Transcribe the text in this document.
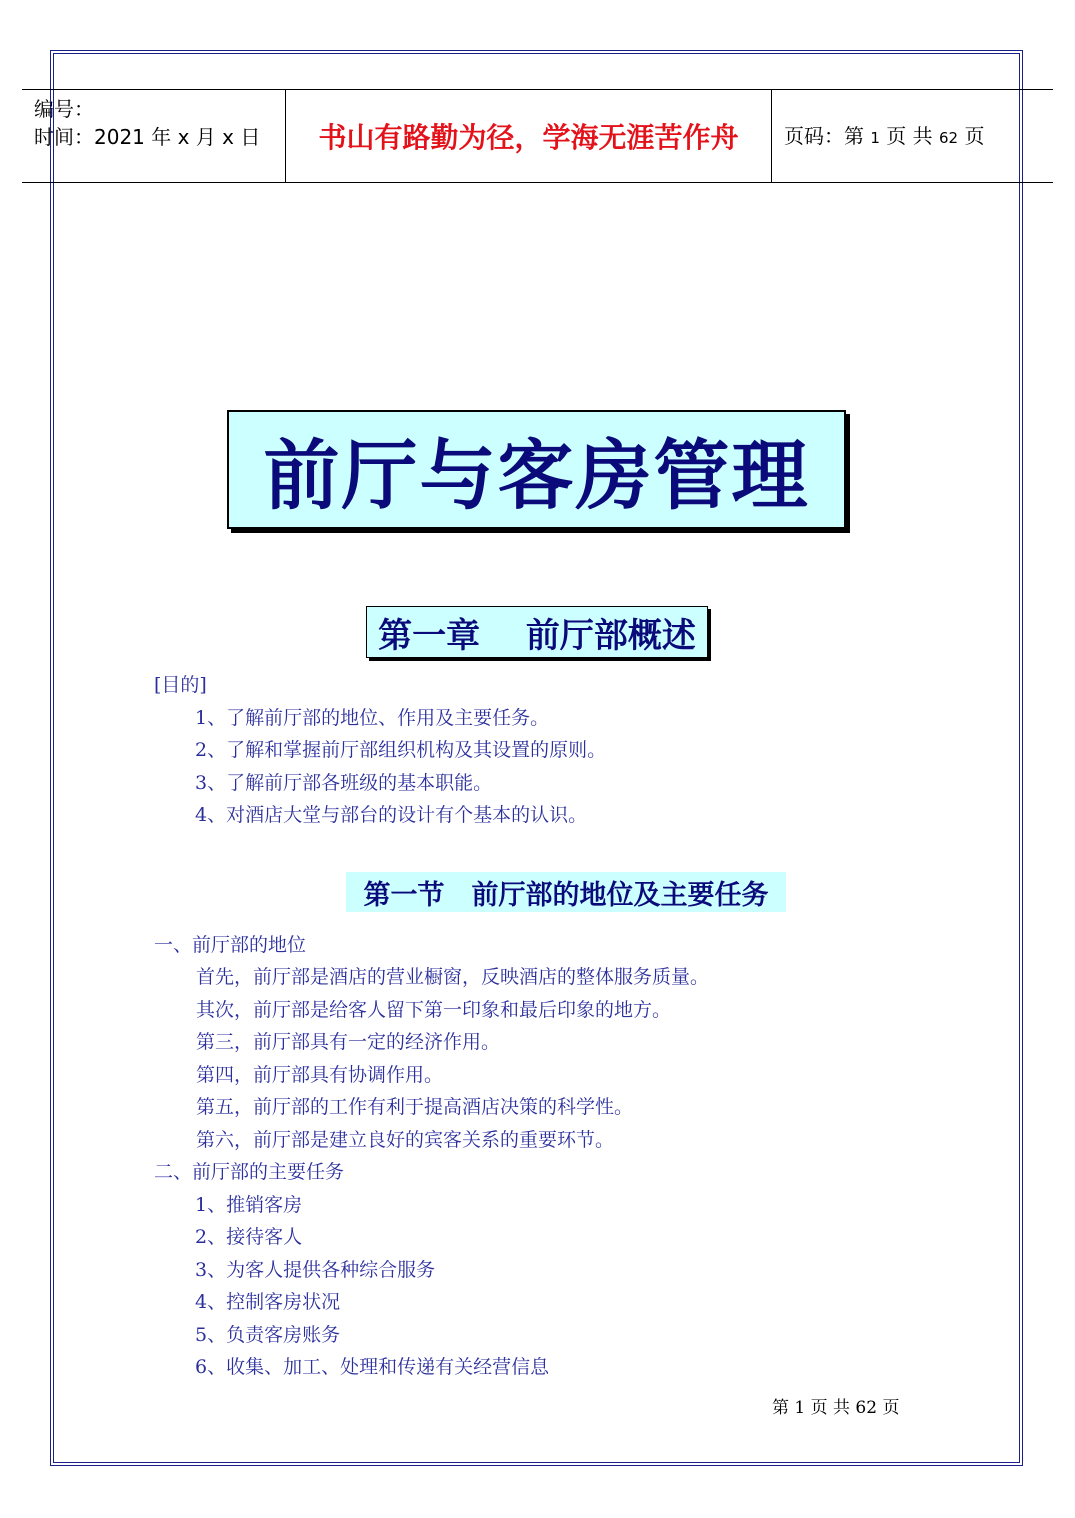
编号：
时间：2021 年 x 月 x 日 书山有路勤为径，学海无涯苦作舟 页码：第 1 页 共 62 页
前厅与客房管理
第一章　 前厅部概述
[目的]
1、了解前厅部的地位、作用及主要任务。
2、了解和掌握前厅部组织机构及其设置的原则。
3、了解前厅部各班级的基本职能。
4、对酒店大堂与部台的设计有个基本的认识。
第一节　前厅部的地位及主要任务
一、前厅部的地位
首先，前厅部是酒店的营业橱窗，反映酒店的整体服务质量。
其次，前厅部是给客人留下第一印象和最后印象的地方。
第三，前厅部具有一定的经济作用。
第四，前厅部具有协调作用。
第五，前厅部的工作有利于提高酒店决策的科学性。
第六，前厅部是建立良好的宾客关系的重要环节。
二、前厅部的主要任务
1、推销客房
2、接待客人
3、为客人提供各种综合服务
4、控制客房状况
5、负责客房账务
6、收集、加工、处理和传递有关经营信息
第 1 页 共 62 页
